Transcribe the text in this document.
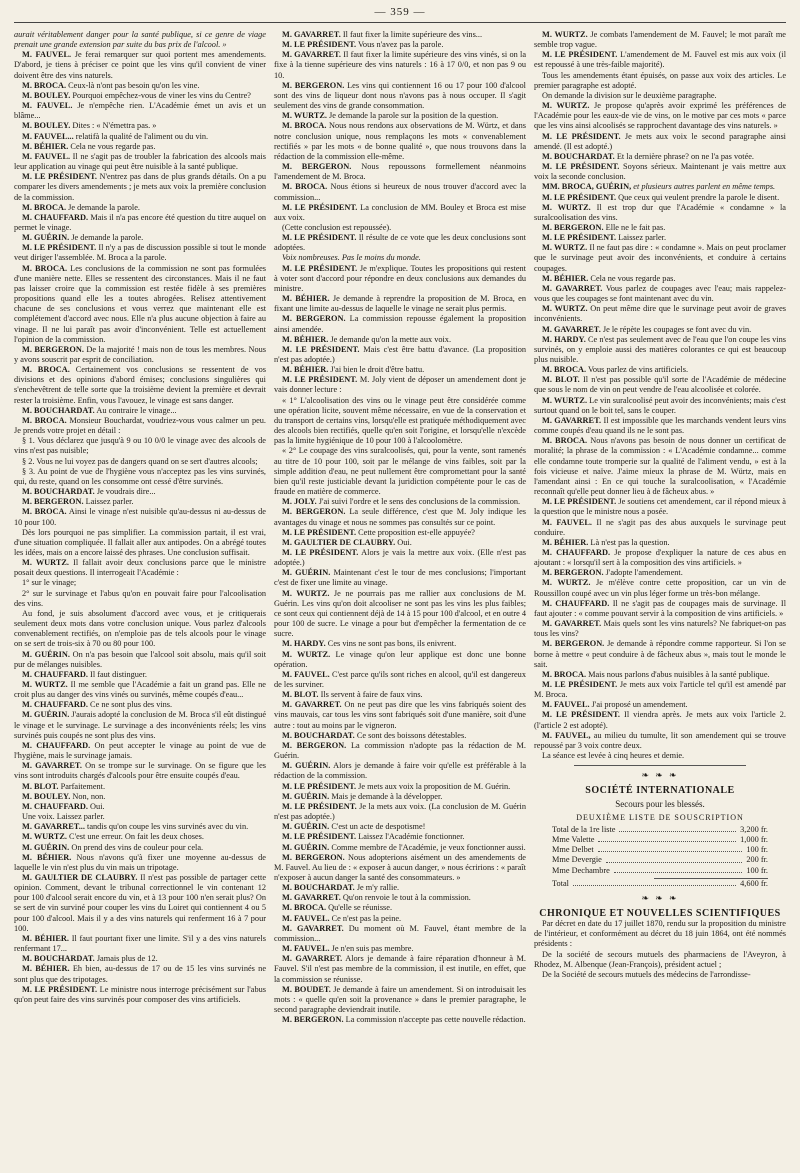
— 359 —

aurait véritablement danger pour la santé publique, si ce genre de viage prenait une grande extension par suite du bas prix de l'alcool. »

M. FAUVEL. Je ferai remarquer sur quoi portent mes amendements. D'abord, je tiens à préciser ce point que les vins qu'il convient de viner doivent être des vins naturels.

M. BROCA. Ceux-là n'ont pas besoin qu'on les vine.

M. BOULEY. Pourquoi empêchez-vous de viner les vins du Centre?

M. FAUVEL. Je n'empêche rien. L'Académie émet un avis et un blâme...

M. BOULEY. Dites : « N'émettra pas. »

M. FAUVEL... relatifà la qualité de l'aliment ou du vin.

M. BÉHIER. Cela ne vous regarde pas.

M. FAUVEL. Il ne s'agit pas de troubler la fabrication des alcools mais leur application au vinage qui peut être nuisible à la santé publique.

M. LE PRÉSIDENT. N'entrez pas dans de plus grands détails. On a pu comparer les divers amendements ; je mets aux voix la première conclusion de la commission.

M. BROCA. Je demande la parole.

M. CHAUFFARD. Mais il n'a pas encore été question du titre auquel on permet le vinage.

M. GUÉRIN. Je demande la parole.

M. LE PRÉSIDENT. Il n'y a pas de discussion possible si tout le monde veut diriger l'assemblée. M. Broca a la parole.

M. BROCA. Les conclusions de la commission ne sont pas formulées d'une manière nette. Elles se ressentent des circonstances. Mais il ne faut pas laisser croire que la commission est restée fidèle à ses premières propositions quand elle les a toutes abrogées. Relisez attentivement chacune de ses conclusions et vous verrez que maintenant elle est complétement d'accord avec nous. Elle n'a plus aucune objection à faire au vinage. Il ne lui paraît pas avoir d'inconvénient. Telle est actuellement l'opinion de la commission.

M. BERGERON. De la majorité ! mais non de tous les membres. Nous y avons souscrit par esprit de conciliation.

M. BROCA. Certainement vos conclusions se ressentent de vos divisions et des opinions d'abord émises; conclusions singulières qui s'enchevêtrent de telle sorte que la troisième devient la première et devrait rester la troisième. Enfin, vous l'avouez, le vinage est sans danger.

M. BOUCHARDAT. Au contraire le vinage...

M. BROCA. Monsieur Bouchardat, voudriez-vous vous calmer un peu. Je prends votre projet en détail :

§ 1. Vous déclarez que jusqu'à 9 ou 10 0/0 le vinage avec des alcools de vins n'est pas nuisible;

§ 2. Vous ne lui voyez pas de dangers quand on se sert d'autres alcools;

§ 3. Au point de vue de l'hygiène vous n'acceptez pas les vins survinés, qui, du reste, quand on les consomme ont cessé d'être survinés.

M. BOUCHARDAT. Je voudrais dire...

M. BERGERON. Laissez parler.

M. BROCA. Ainsi le vinage n'est nuisible qu'au-dessus ni au-dessus de 10 pour 100.

Dès lors pourquoi ne pas simplifier. La commission partait, il est vrai, d'une situation compliquée. Il fallait aller aux antipodes. On a abrégé toutes les idées, mais on a encore laissé des phrases. Une conclusion suffisait.

M. WURTZ. Il fallait avoir deux conclusions parce que le ministre posait deux questions. Il interrogeait l'Académie :

1° sur le vinage;

2° sur le survinage et l'abus qu'on en pouvait faire pour l'alcoolisation des vins.

Au fond, je suis absolument d'accord avec vous, et je critiquerais seulement deux mots dans votre conclusion unique. Vous parlez d'alcools convenablement rectifiés, on n'emploie pas de tels alcools pour le vinage on se sert de trois-six à 70 ou 80 pour 100.

M. GUÉRIN. On n'a pas besoin que l'alcool soit absolu, mais qu'il soit pur de mélanges nuisibles.

M. CHAUFFARD. Il faut distinguer.

M. WURTZ. Il me semble que l'Académie a fait un grand pas. Elle ne croit plus au danger des vins vinés ou survinés, même coupés d'eau...

M. CHAUFFARD. Ce ne sont plus des vins.

M. GUÉRIN. J'aurais adopté la conclusion de M. Broca s'il eût distingué le vinage et le survinage. Le survinage a des inconvénients réels; les vins survinés puis coupés ne sont plus des vins.

M. CHAUFFARD. On peut accepter le vinage au point de vue de l'hygiène, mais le survinage jamais.

M. GAVARRET. On se trompe sur le survinage. On se figure que les vins sont introduits chargés d'alcools pour être ensuite coupés d'eau.

M. BLOT. Parfaitement.

M. BOULEY. Non, non.

M. CHAUFFARD. Oui.

Une voix. Laissez parler.

M. GAVARRET... tandis qu'on coupe les vins survinés avec du vin.

M. WURTZ. C'est une erreur. On fait les deux choses.

M. GUÉRIN. On prend des vins de couleur pour cela.

M. BÉHIER. Nous n'avons qu'à fixer une moyenne au-dessus de laquelle le vin n'est plus du vin mais un tripotage.

M. GAULTIER DE CLAUBRY. Il n'est pas possible de partager cette opinion. Comment, devant le tribunal correctionnel le vin contenant 12 pour 100 d'alcool serait encore du vin, et à 13 pour 100 n'en serait plus? On se sert de vin surviné pour couper les vins du Loiret qui contiennent 4 ou 5 pour 100 d'alcool. Mais il y a des vins naturels qui renferment 16 à 7 pour 100.

M. BÉHIER. Il faut pourtant fixer une limite. S'il y a des vins naturels renfermant 17...

M. BOUCHARDAT. Jamais plus de 12.

M. BÉHIER. Eh bien, au-dessus de 17 ou de 15 les vins survinés ne sont plus que des tripotages.

M. LE PRÉSIDENT. Le ministre nous interroge précisément sur l'abus qu'on peut faire des vins survinés pour composer des vins artificiels.

M. GAVARRET. Il faut fixer la limite supérieure des vins...

M. LE PRÉSIDENT. Vous n'avez pas la parole.

M. GAVARRET. Il faut fixer la limite supérieure des vins vinés, si on la fixe à la tienne supérieure des vins naturels : 16 à 17 0/0, et non pas 9 ou 10.

M. BERGERON. Les vins qui contiennent 16 ou 17 pour 100 d'alcool sont des vins de liqueur dont nous n'avons pas à nous occuper. Il s'agit seulement des vins de grande consommation.

M. WURTZ. Je demande la parole sur la position de la question.

M. BROCA. Nous nous rendons aux observations de M. Würtz, et dans notre conclusion unique, nous remplaçons les mots « convenablement rectifiés » par les mots « de bonne qualité », que nous trouvons dans la rédaction de la commission elle-même.

M. BERGERON. Nous repoussons formellement néanmoins l'amendement de M. Broca.

M. BROCA. Nous étions si heureux de nous trouver d'accord avec la commission...

M. LE PRÉSIDENT. La conclusion de MM. Bouley et Broca est mise aux voix.

(Cette conclusion est repoussée).

M. LE PRÉSIDENT. Il résulte de ce vote que les deux conclusions sont adoptées.

Voix nombreuses. Pas le moins du monde.

M. LE PRÉSIDENT. Je m'explique. Toutes les propositions qui restent à voter sont d'accord pour répondre en deux conclusions aux demandes du ministre.

M. BÉHIER. Je demande à reprendre la proposition de M. Broca, en fixant une limite au-dessus de laquelle le vinage ne serait plus permis.

M. BERGERON. La commission repousse également la proposition ainsi amendée.

M. BÉHIER. Je demande qu'on la mette aux voix.

M. LE PRÉSIDENT. Mais c'est être battu d'avance. (La proposition n'est pas adoptée.)

M. BÉHIER. J'ai bien le droit d'être battu.

M. LE PRÉSIDENT. M. Joly vient de déposer un amendement dont je vais donner lecture :

« 1° L'alcoolisation des vins ou le vinage peut être considérée comme une opération licite, souvent même nécessaire, en vue de la conservation et du transport de certains vins, lorsqu'elle est pratiquée méthodiquement avec des alcools bien rectifiés, quelle qu'en soit l'origine, et lorsqu'elle n'excède pas la limite hygiénique de 10 pour 100 à l'alcoolomètre.

« 2° Le coupage des vins suralcoolisés, qui, pour la vente, sont ramenés au titre de 10 pour 100, soit par le mélange de vins faibles, soit par la simple addition d'eau, ne peut nullement être compromettant pour la santé bien qu'il reste justiciable devant la juridiction compétente pour le cas de fraude en matière de commerce.

M. JOLY. J'ai suivi l'ordre et le sens des conclusions de la commission.

M. BERGERON. La seule différence, c'est que M. Joly indique les avantages du vinage et nous ne sommes pas consultés sur ce point.

M. LE PRÉSIDENT. Cette proposition est-elle appuyée?

M. GAULTIER DE CLAUBRY. Oui.

M. LE PRÉSIDENT. Alors je vais la mettre aux voix. (Elle n'est pas adoptée.)

M. GUÉRIN. Maintenant c'est le tour de mes conclusions; l'important c'est de fixer une limite au vinage.

M. WURTZ. Je ne pourrais pas me rallier aux conclusions de M. Guérin. Les vins qu'on doit alcooliser ne sont pas les vins les plus faibles; ce sont ceux qui contiennent déjà de 14 à 15 pour 100 d'alcool, et en outre 4 pour 100 de sucre. Le vinage a pour but d'empêcher la fermentation de ce sucre.

M. HARDY. Ces vins ne sont pas bons, ils enivrent.

M. WURTZ. Le vinage qu'on leur applique est donc une bonne opération.

M. FAUVEL. C'est parce qu'ils sont riches en alcool, qu'il est dangereux de les surviner.

M. BLOT. Ils servent à faire de faux vins.

M. GAVARRET. On ne peut pas dire que les vins fabriqués soient des vins mauvais, car tous les vins sont fabriqués soit d'une manière, soit d'une autre : tout au moins par le vigneron.

M. BOUCHARDAT. Ce sont des boissons détestables.

M. BERGERON. La commission n'adopte pas la rédaction de M. Guérin.

M. GUÉRIN. Alors je demande à faire voir qu'elle est préférable à la rédaction de la commission.

M. LE PRÉSIDENT. Je mets aux voix la proposition de M. Guérin.

M. GUÉRIN. Mais je demande à la développer.

M. LE PRÉSIDENT. Je la mets aux voix. (La conclusion de M. Guérin n'est pas adoptée.)

M. GUÉRIN. C'est un acte de despotisme!

M. LE PRÉSIDENT. Laissez l'Académie fonctionner.

M. GUÉRIN. Comme membre de l'Académie, je veux fonctionner aussi.

M. BERGERON. Nous adopterions aisément un des amendements de M. Fauvel. Au lieu de : « exposer à aucun danger, » nous écririons : « paraît n'exposer à aucun danger la santé des consommateurs. »

M. BOUCHARDAT. Je m'y rallie.

M. GAVARRET. Qu'on renvoie le tout à la commission.

M. BROCA. Qu'elle se réunisse.

M. FAUVEL. Ce n'est pas la peine.

M. GAVARRET. Du moment où M. Fauvel, étant membre de la commission...

M. FAUVEL. Je n'en suis pas membre.

M. GAVARRET. Alors je demande à faire réparation d'honneur à M. Fauvel. S'il n'est pas membre de la commission, il est inutile, en effet, que la commission se réunisse.

M. BOUDET. Je demande à faire un amendement. Si on introduisait les mots : « quelle qu'en soit la provenance » dans le premier paragraphe, le second paragraphe deviendrait inutile.

M. BERGERON. La commission n'accepte pas cette nouvelle rédaction.

M. WURTZ. Je combats l'amendement de M. Fauvel; le mot paraît me semble trop vague.

M. LE PRÉSIDENT. L'amendement de M. Fauvel est mis aux voix (il est repoussé à une très-faible majorité).

Tous les amendements étant épuisés, on passe aux voix des articles. Le premier paragraphe est adopté.

On demande la division sur le deuxième paragraphe.

M. WURTZ. Je propose qu'après avoir exprimé les préférences de l'Académie pour les eaux-de vie de vins, on le motive par ces mots « parce que les vins ainsi alcoolisés se rapprochent davantage des vins naturels. »

M. LE PRÉSIDENT. Je mets aux voix le second paragraphe ainsi amendé. (Il est adopté.)

M. BOUCHARDAT. Et la dernière phrase? on ne l'a pas votée.

M. LE PRÉSIDENT. Soyons sérieux. Maintenant je vais mettre aux voix la seconde conclusion.

MM. BROCA, GUÉRIN, et plusieurs autres parlent en même temps.

M. LE PRÉSIDENT. Que ceux qui veulent prendre la parole le disent.

M. WURTZ. Il est trop dur que l'Académie « condamne » la suralcoolisation des vins.

M. BERGERON. Elle ne le fait pas.

M. LE PRÉSIDENT. Laissez parler.

M. WURTZ. Il ne faut pas dire : « condamne ». Mais on peut proclamer que le survinage peut avoir des inconvénients, et conduire à certains coupages.

M. BÉHIER. Cela ne vous regarde pas.

M. GAVARRET. Vous parlez de coupages avec l'eau; mais rappelez-vous que les coupages se font maintenant avec du vin.

M. WURTZ. On peut même dire que le survinage peut avoir de graves inconvénients.

M. GAVARRET. Je le répète les coupages se font avec du vin.

M. HARDY. Ce n'est pas seulement avec de l'eau que l'on coupe les vins survinés, on y emploie aussi des matières colorantes ce qui est beaucoup plus nuisible.

M. BROCA. Vous parlez de vins artificiels.

M. BLOT. Il n'est pas possible qu'il sorte de l'Académie de médecine que sous le nom de vin on peut vendre de l'eau alcoolisée et colorée.

M. WURTZ. Le vin suralcoolisé peut avoir des inconvénients; mais c'est surtout quand on le boit tel, sans le couper.

M. GAVARRET. Il est impossible que les marchands vendent leurs vins comme coupés d'eau quand ils ne le sont pas.

M. BROCA. Nous n'avons pas besoin de nous donner un certificat de moralité; la phrase de la commission : « L'Académie condamne... comme elle condamne toute tromperie sur la qualité de l'aliment vendu, » est à la fois vicieuse et naïve. J'aime mieux la phrase de M. Würtz, mais en l'amendant ainsi : En ce qui touche la suralcoolisation, « l'Académie reconnaît qu'elle peut donner lieu à de fâcheux abus. »

M. LE PRÉSIDENT. Je soutiens cet amendement, car il répond mieux à la question que le ministre nous a posée.

M. FAUVEL. Il ne s'agit pas des abus auxquels le survinage peut conduire.

M. BÉHIER. Là n'est pas la question.

M. CHAUFFARD. Je propose d'expliquer la nature de ces abus en ajoutant : « lorsqu'il sert à la composition des vins artificiels. »

M. BERGERON. J'adopte l'amendement.

M. WURTZ. Je m'élève contre cette proposition, car un vin de Roussillon coupé avec un vin plus léger forme un très-bon mélange.

M. CHAUFFARD. Il ne s'agit pas de coupages mais de survinage. Il faut ajouter : « comme pouvant servir à la composition de vins artificiels. »

M. GAVARRET. Mais quels sont les vins naturels? Ne fabriquet-on pas tous les vins?

M. BERGERON. Je demande à répondre comme rapporteur. Si l'on se borne à mettre « peut conduire à de fâcheux abus », mais tout le monde le sait.

M. BROCA. Mais nous parlons d'abus nuisibles à la santé publique.

M. LE PRÉSIDENT. Je mets aux voix l'article tel qu'il est amendé par M. Broca.

M. FAUVEL. J'ai proposé un amendement.

M. LE PRÉSIDENT. Il viendra après. Je mets aux voix l'article 2. (l'article 2 est adopté).

M. FAUVEL, au milieu du tumulte, lit son amendement qui se trouve repoussé par 3 voix contre deux.

La séance est levée à cinq heures et demie.

❧ ❧ ❧
SOCIÉTÉ INTERNATIONALE
Secours pour les blessés.
DEUXIÈME LISTE DE SOUSCRIPTION
Total de la 1re liste	3,200 fr.
Mme Valette	1,000 fr.
Mme Delbet	100 fr.
Mme Devergie	200 fr.
Mme Dechambre	100 fr.
Total	4,600 fr.
❧ ❧ ❧
CHRONIQUE ET NOUVELLES SCIENTIFIQUES

Par décret en date du 17 juillet 1870, rendu sur la proposition du ministre de l'intérieur, et conformément au décret du 18 juin 1864, ont été nommés présidents :

De la société de secours mutuels des pharmaciens de l'Aveyron, à Rhodez, M. Albenque (Jean-François), président actuel ;

De la Société de secours mutuels des médecins de l'arrondisse-
